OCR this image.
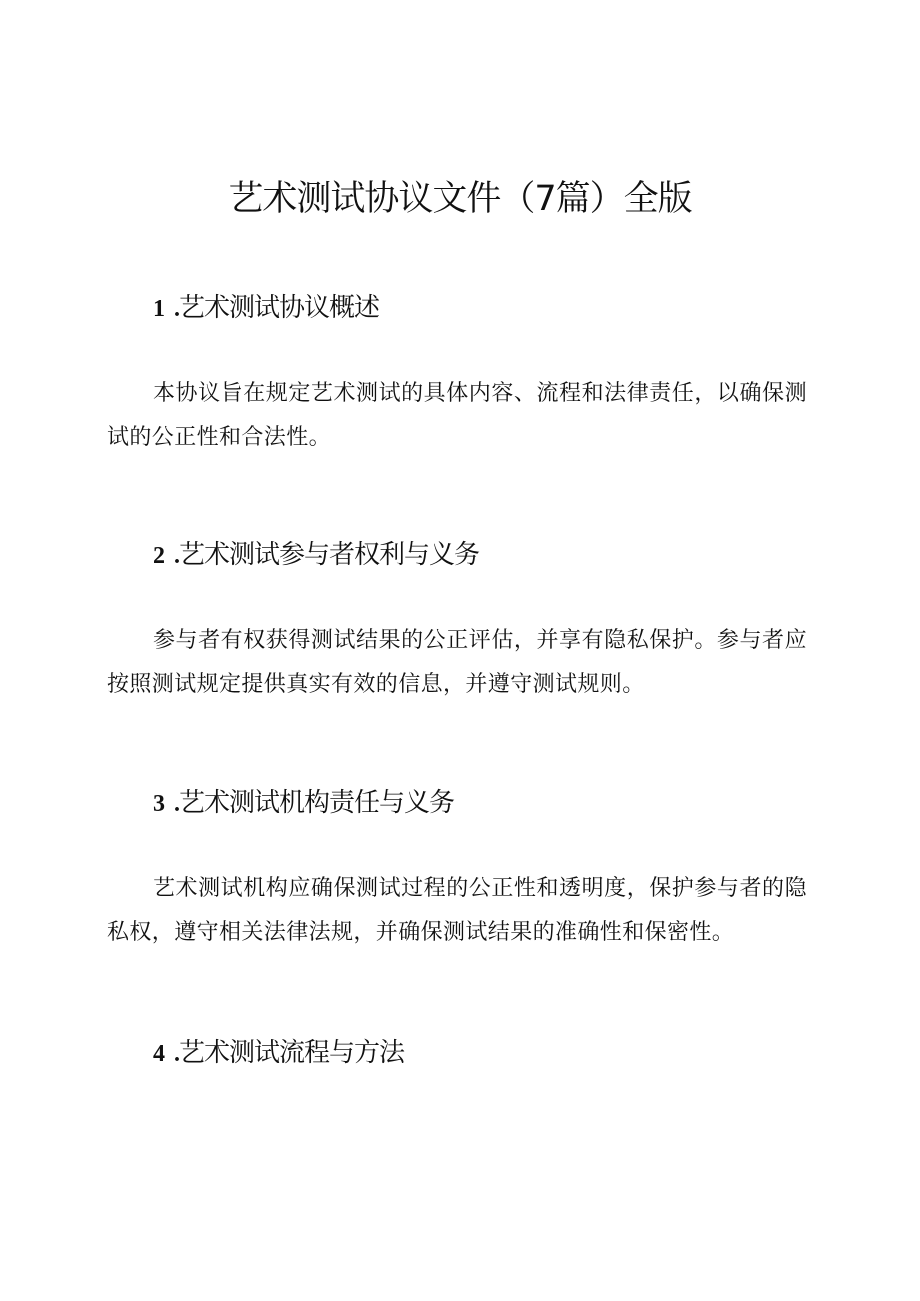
艺术测试协议文件（7篇）全版
1 .艺术测试协议概述

本协议旨在规定艺术测试的具体内容、流程和法律责任，以确保测试的公正性和合法性。

2 .艺术测试参与者权利与义务

参与者有权获得测试结果的公正评估，并享有隐私保护。参与者应按照测试规定提供真实有效的信息，并遵守测试规则。

3 .艺术测试机构责任与义务

艺术测试机构应确保测试过程的公正性和透明度，保护参与者的隐私权，遵守相关法律法规，并确保测试结果的准确性和保密性。

4 .艺术测试流程与方法
